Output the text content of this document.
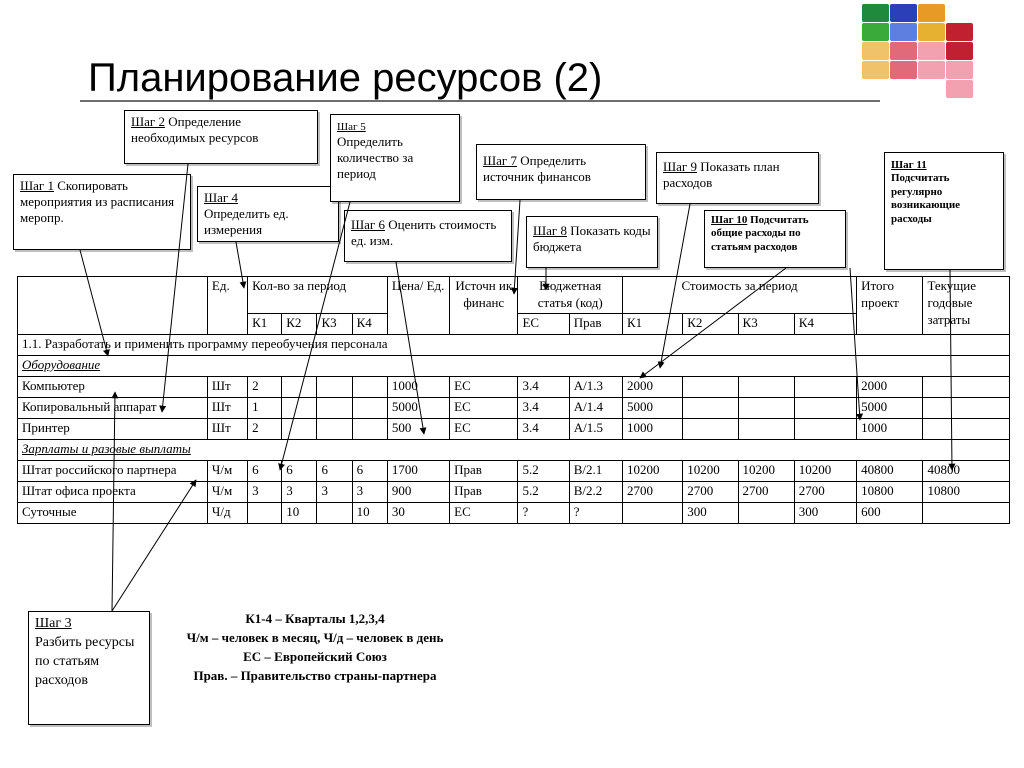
Планирование ресурсов (2)
Шаг 1 Скопировать мероприятия из расписания меропр.
Шаг 2 Определение необходимых ресурсов
Шаг 4
Определить ед. измерения
Шаг 5
Определить количество за период
Шаг 6 Оценить стоимость ед. изм.
Шаг 7 Определить источник финансов
Шаг 8 Показать коды бюджета
Шаг 9 Показать план расходов
Шаг 10 Подсчитать общие расходы по статьям расходов
Шаг 11
Подсчитать регулярно возникающие расходы
Шаг 3
Разбить ресурсы по статьям расходов
	Ед.	Кол-во за период				Цена/ Ед.	Источн ик финанс	Бюджетная статья (код)		Стоимость за период				Итого проект	Текущие годовые затраты
		К1	К2	К3	К4			ЕС	Прав	К1	К2	К3	К4		
1.1. Разработать и применить программу переобучения персонала															
Оборудование															
Компьютер	Шт	2				1000	ЕС	3.4	A/1.3	2000				2000	
Копировальный аппарат	Шт	1				5000	ЕС	3.4	A/1.4	5000				5000	
Принтер	Шт	2				500	ЕС	3.4	A/1.5	1000				1000	
Зарплаты и разовые выплаты															
Штат российского партнера	Ч/м	6	6	6	6	1700	Прав	5.2	B/2.1	10200	10200	10200	10200	40800	40800
Штат офиса проекта	Ч/м	3	3	3	3	900	Прав	5.2	B/2.2	2700	2700	2700	2700	10800	10800
Суточные	Ч/д		10		10	30	ЕС	?	?		300		300	600	
К1-4 – Кварталы 1,2,3,4
Ч/м – человек в месяц, Ч/д – человек в день
ЕС – Европейский Союз
Прав. – Правительство страны-партнера
